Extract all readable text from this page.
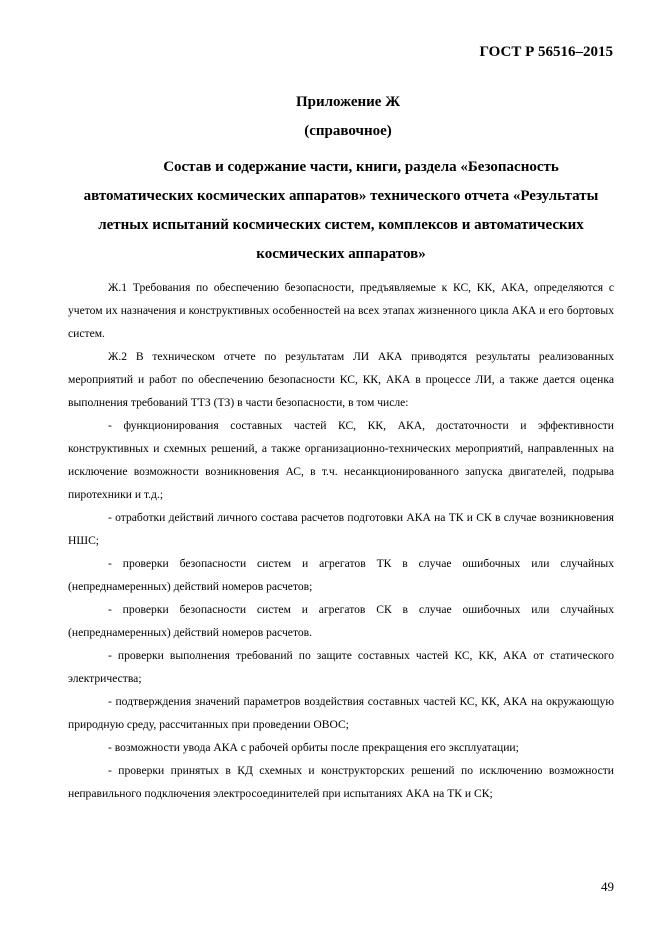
ГОСТ Р 56516–2015
Приложение Ж
(справочное)
Состав и содержание части, книги, раздела «Безопасность
автоматических космических аппаратов» технического отчета «Результаты
летных испытаний космических систем, комплексов и автоматических
космических аппаратов»

Ж.1 Требования по обеспечению безопасности, предъявляемые к КС, КК, АКА, определяются с учетом их назначения и конструктивных особенностей на всех этапах жизненного цикла АКА и его бортовых систем.

Ж.2 В техническом отчете по результатам ЛИ АКА приводятся результаты реализованных мероприятий и работ по обеспечению безопасности КС, КК, АКА в процессе ЛИ, а также дается оценка выполнения требований ТТЗ (ТЗ) в части безопасности, в том числе:

- функционирования составных частей КС, КК, АКА, достаточности и эффективности конструктивных и схемных решений, а также организационно-технических мероприятий, направленных на исключение возможности возникновения АС, в т.ч. несанкционированного запуска двигателей, подрыва пиротехники и т.д.;

- отработки действий личного состава расчетов подготовки АКА на ТК и СК в случае возникновения НШС;

- проверки безопасности систем и агрегатов ТК в случае ошибочных или случайных (непреднамеренных) действий номеров расчетов;

- проверки безопасности систем и агрегатов СК в случае ошибочных или случайных (непреднамеренных) действий номеров расчетов.

- проверки выполнения требований по защите составных частей КС, КК, АКА от статического электричества;

- подтверждения значений параметров воздействия составных частей КС, КК, АКА на окружающую природную среду, рассчитанных при проведении ОВОС;

- возможности увода АКА с рабочей орбиты после прекращения его эксплуатации;

- проверки принятых в КД схемных и конструкторских решений по исключению возможности неправильного подключения электросоединителей при испытаниях АКА на ТК и СК;

49
